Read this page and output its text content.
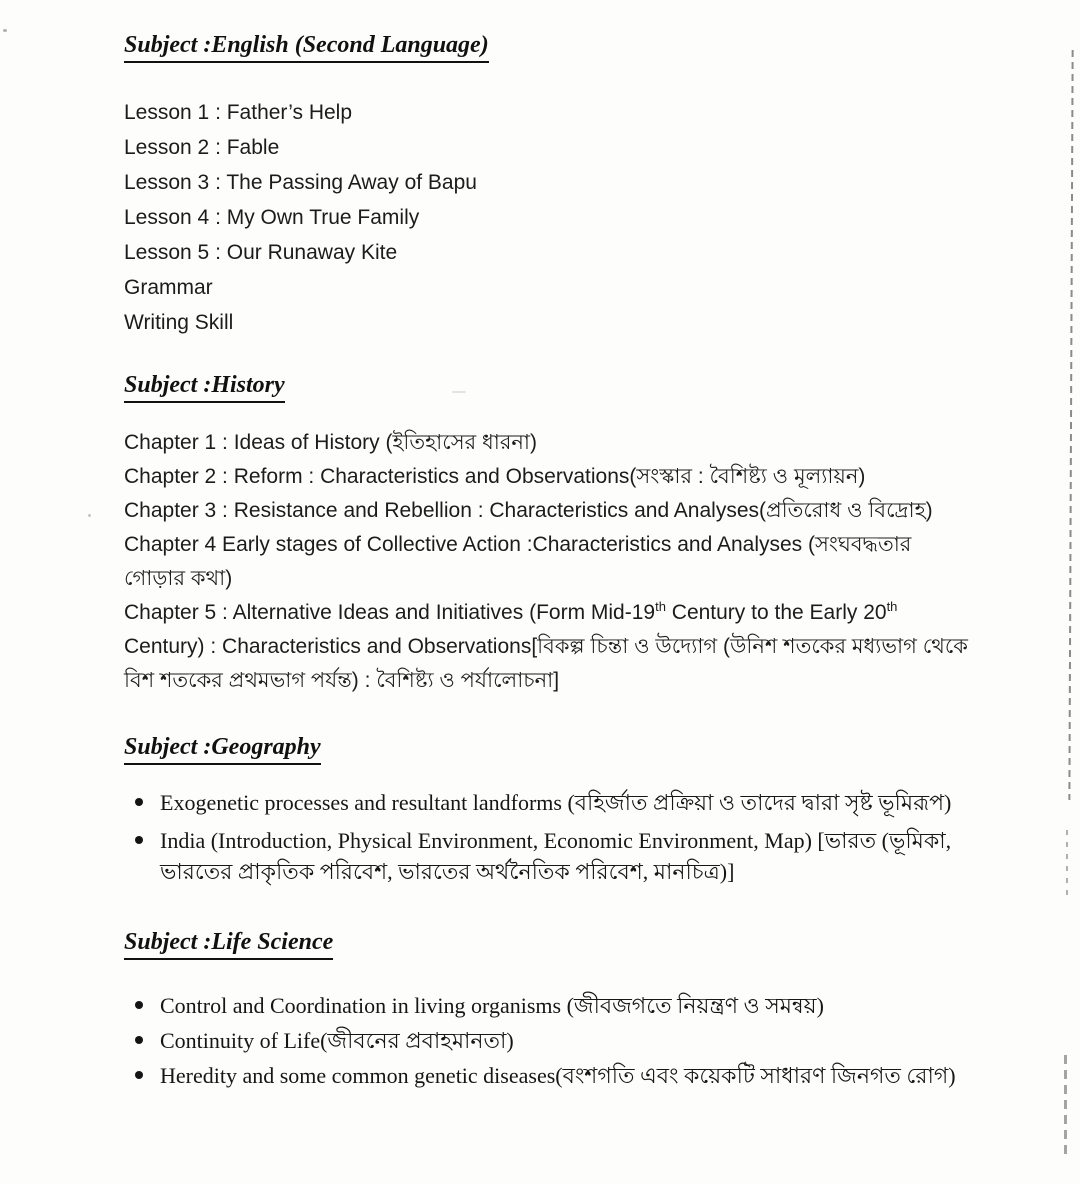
Subject :English (Second Language)

Lesson 1 : Father’s Help

Lesson 2 : Fable

Lesson 3 : The Passing Away of Bapu

Lesson 4 : My Own True Family

Lesson 5 : Our Runaway Kite

Grammar

Writing Skill

Subject :History

Chapter 1 : Ideas of History (ইতিহাসের ধারনা)

Chapter 2 : Reform : Characteristics and Observations(সংস্কার : বৈশিষ্ট্য ও মূল্যায়ন)

Chapter 3 : Resistance and Rebellion : Characteristics and Analyses(প্রতিরোধ ও বিদ্রোহ)

Chapter 4 Early stages of Collective Action :Characteristics and Analyses (সংঘবদ্ধতার গোড়ার কথা)

Chapter 5 : Alternative Ideas and Initiatives (Form Mid-19th Century to the Early 20th Century) : Characteristics and Observations[বিকল্প চিন্তা ও উদ্যোগ (উনিশ শতকের মধ্যভাগ থেকে বিশ শতকের প্রথমভাগ পর্যন্ত) : বৈশিষ্ট্য ও পর্যালোচনা]

Subject :Geography
Exogenetic processes and resultant landforms (বহির্জাত প্রক্রিয়া ও তাদের দ্বারা সৃষ্ট ভূমিরূপ)
India (Introduction, Physical Environment, Economic Environment, Map) [ভারত (ভূমিকা, ভারতের প্রাকৃতিক পরিবেশ, ভারতের অর্থনৈতিক পরিবেশ, মানচিত্র)]
Subject :Life Science
Control and Coordination in living organisms (জীবজগতে নিয়ন্ত্রণ ও সমন্বয়)
Continuity of Life(জীবনের প্রবাহমানতা)
Heredity and some common genetic diseases(বংশগতি এবং কয়েকটি সাধারণ জিনগত রোগ)
